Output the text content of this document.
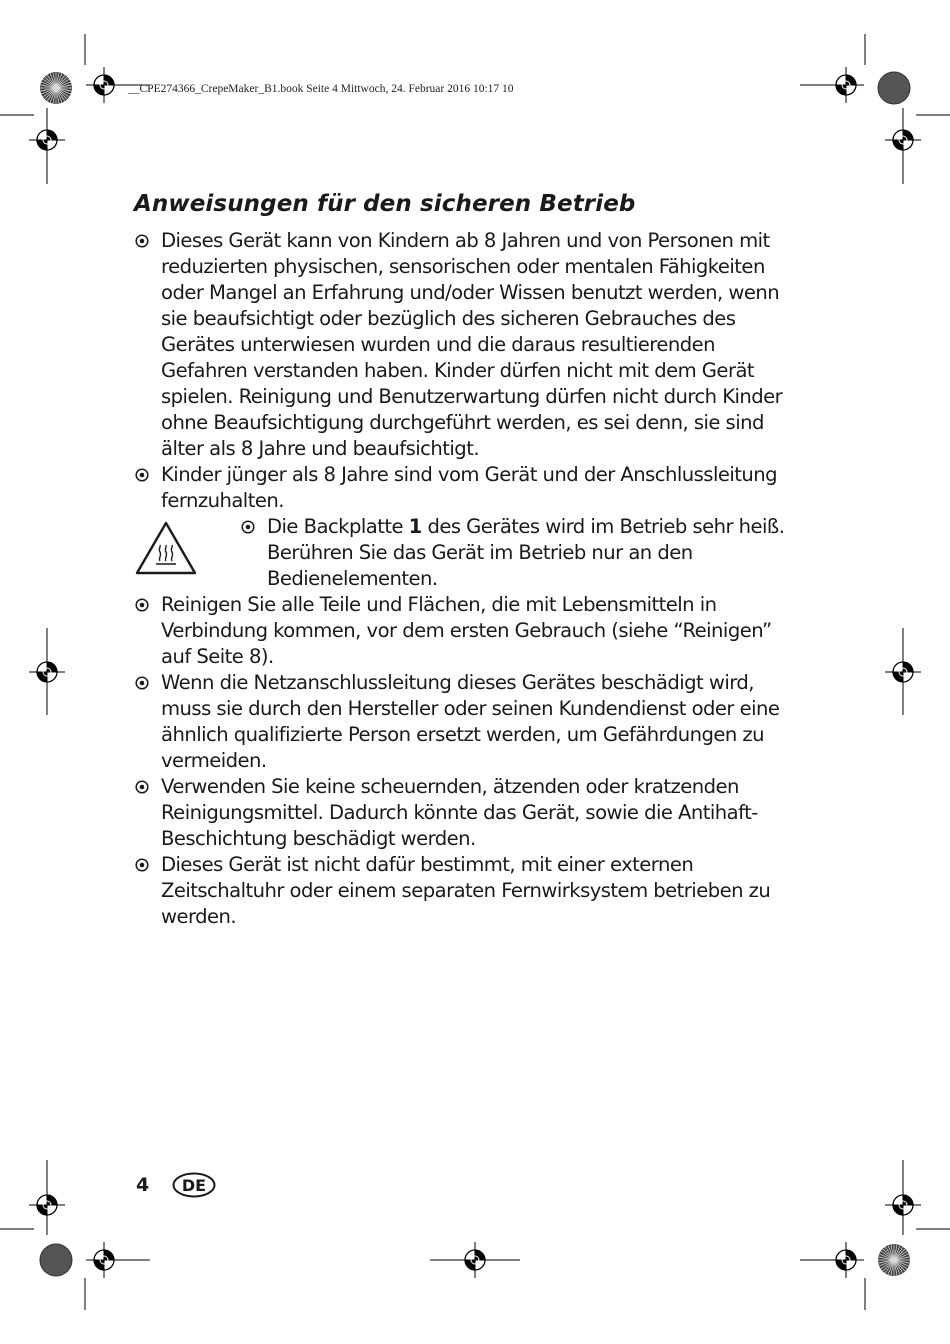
__CPE274366_CrepeMaker_B1.book Seite 4 Mittwoch, 24. Februar 2016 10:17 10
Anweisungen für den sicheren Betrieb
Dieses Gerät kann von Kindern ab 8 Jahren und von Personen mit reduzierten physischen, sensorischen oder mentalen Fähigkeiten oder Mangel an Erfahrung und/oder Wissen benutzt werden, wenn sie beaufsichtigt oder bezüglich des sicheren Gebrauches des Gerätes unterwiesen wurden und die daraus resultierenden Gefahren verstanden haben. Kinder dürfen nicht mit dem Gerät spielen. Reinigung und Benutzerwartung dürfen nicht durch Kinder ohne Beaufsichtigung durchgeführt werden, es sei denn, sie sind älter als 8 Jahre und beaufsichtigt.
Kinder jünger als 8 Jahre sind vom Gerät und der Anschlussleitung fernzuhalten.
Die Backplatte 1 des Gerätes wird im Betrieb sehr heiß. Berühren Sie das Gerät im Betrieb nur an den Bedienelementen.
Reinigen Sie alle Teile und Flächen, die mit Lebensmitteln in Verbindung kommen, vor dem ersten Gebrauch (siehe “Reinigen” auf Seite 8).
Wenn die Netzanschlussleitung dieses Gerätes beschädigt wird, muss sie durch den Hersteller oder seinen Kundendienst oder eine ähnlich qualifizierte Person ersetzt werden, um Gefährdungen zu vermeiden.
Verwenden Sie keine scheuernden, ätzenden oder kratzenden Reinigungsmittel. Dadurch könnte das Gerät, sowie die Antihaft-Beschichtung beschädigt werden.
Dieses Gerät ist nicht dafür bestimmt, mit einer externen Zeitschaltuhr oder einem separaten Fernwirksystem betrieben zu werden.
4 DE
